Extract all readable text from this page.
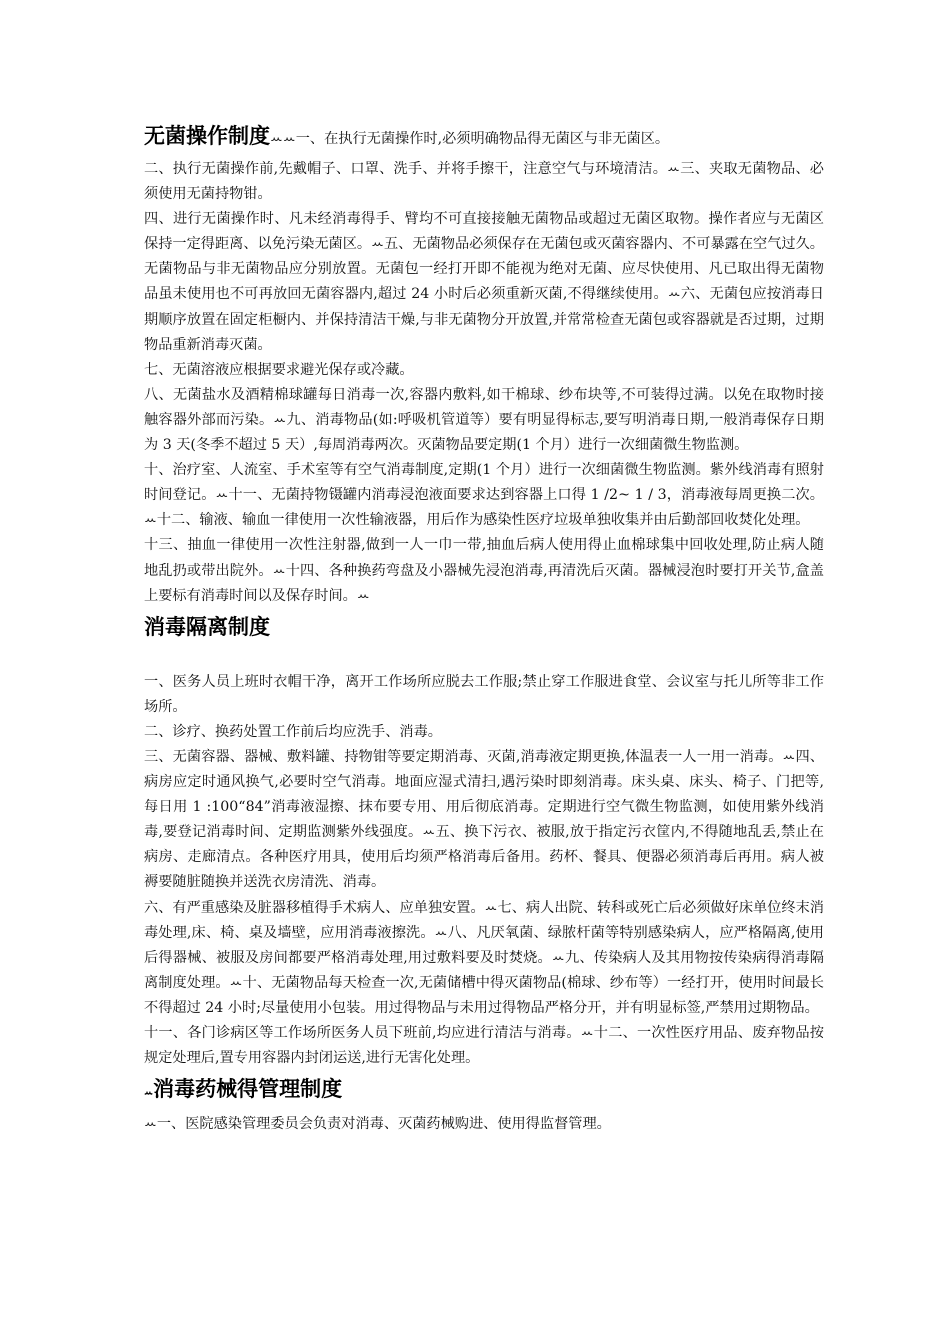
无菌操作制度ꕀꕀ一、在执行无菌操作时,必须明确物品得无菌区与非无菌区。

二、执行无菌操作前,先戴帽子、口罩、洗手、并将手擦干，注意空气与环境清洁。ꕀ三、夹取无菌物品、必须使用无菌持物钳。

四、进行无菌操作时、凡未经消毒得手、臂均不可直接接触无菌物品或超过无菌区取物。操作者应与无菌区保持一定得距离、以免污染无菌区。ꕀ五、无菌物品必须保存在无菌包或灭菌容器内、不可暴露在空气过久。无菌物品与非无菌物品应分别放置。无菌包一经打开即不能视为绝对无菌、应尽快使用、凡已取出得无菌物品虽未使用也不可再放回无菌容器内,超过 24 小时后必须重新灭菌,不得继续使用。ꕀ六、无菌包应按消毒日期顺序放置在固定柜橱内、并保持清洁干燥,与非无菌物分开放置,并常常检查无菌包或容器就是否过期，过期物品重新消毒灭菌。

七、无菌溶液应根据要求避光保存或冷藏。

八、无菌盐水及酒精棉球罐每日消毒一次,容器内敷料,如干棉球、纱布块等,不可装得过满。以免在取物时接触容器外部而污染。ꕀ九、消毒物品(如:呼吸机管道等）要有明显得标志,要写明消毒日期,一般消毒保存日期为 3 天(冬季不超过 5 天）,每周消毒两次。灭菌物品要定期(1 个月）进行一次细菌微生物监测。

十、治疗室、人流室、手术室等有空气消毒制度,定期(1 个月）进行一次细菌微生物监测。紫外线消毒有照射时间登记。ꕀ十一、无菌持物镊罐内消毒浸泡液面要求达到容器上口得 1 /2~ 1 / 3，消毒液每周更换二次。ꕀ十二、输液、输血一律使用一次性输液器，用后作为感染性医疗垃圾单独收集并由后勤部回收焚化处理。

十三、抽血一律使用一次性注射器,做到一人一巾一带,抽血后病人使用得止血棉球集中回收处理,防止病人随地乱扔或带出院外。ꕀ十四、各种换药弯盘及小器械先浸泡消毒,再清洗后灭菌。器械浸泡时要打开关节,盒盖上要标有消毒时间以及保存时间。ꕀ

消毒隔离制度

一、医务人员上班时衣帽干净，离开工作场所应脱去工作服;禁止穿工作服进食堂、会议室与托儿所等非工作场所。

二、诊疗、换药处置工作前后均应洗手、消毒。

三、无菌容器、器械、敷料罐、持物钳等要定期消毒、灭菌,消毒液定期更换,体温表一人一用一消毒。ꕀ四、病房应定时通风换气,必要时空气消毒。地面应湿式清扫,遇污染时即刻消毒。床头桌、床头、椅子、门把等,每日用 1 :100“84”消毒液湿擦、抹布要专用、用后彻底消毒。定期进行空气微生物监测，如使用紫外线消毒,要登记消毒时间、定期监测紫外线强度。ꕀ五、换下污衣、被服,放于指定污衣筐内,不得随地乱丢,禁止在病房、走廊清点。各种医疗用具，使用后均须严格消毒后备用。药杯、餐具、便器必须消毒后再用。病人被褥要随脏随换并送洗衣房清洗、消毒。

六、有严重感染及脏器移植得手术病人、应单独安置。ꕀ七、病人出院、转科或死亡后必须做好床单位终末消毒处理,床、椅、桌及墙壁，应用消毒液擦洗。ꕀ八、凡厌氧菌、绿脓杆菌等特别感染病人，应严格隔离,使用后得器械、被服及房间都要严格消毒处理,用过敷料要及时焚烧。ꕀ九、传染病人及其用物按传染病得消毒隔离制度处理。ꕀ十、无菌物品每天检查一次,无菌储槽中得灭菌物品(棉球、纱布等）一经打开，使用时间最长不得超过 24 小时;尽量使用小包装。用过得物品与未用过得物品严格分开，并有明显标签,严禁用过期物品。

十一、各门诊病区等工作场所医务人员下班前,均应进行清洁与消毒。ꕀ十二、一次性医疗用品、废弃物品按规定处理后,置专用容器内封闭运送,进行无害化处理。

ꕀ消毒药械得管理制度

ꕀ一、医院感染管理委员会负责对消毒、灭菌药械购进、使用得监督管理。
